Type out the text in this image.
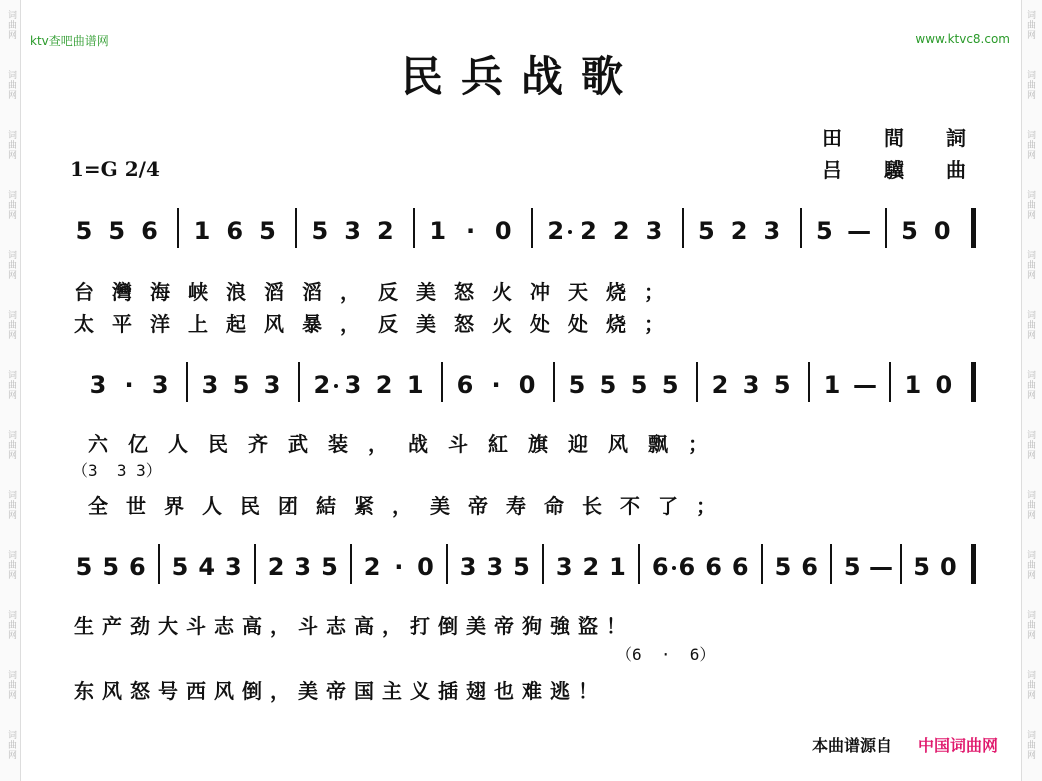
词曲网	词曲网
词曲网	词曲网
词曲网	词曲网
词曲网	词曲网
词曲网	词曲网
词曲网	词曲网
词曲网	词曲网
词曲网	词曲网
词曲网	词曲网
词曲网	词曲网
词曲网	词曲网
词曲网	词曲网
词曲网	词曲网
ktv查吧曲谱网	www.ktvc8.com
民兵战歌
田間詞
吕驥曲
1=G 2/4
5 5 6 1 6 5 5 3 2 1 · 0 2 2 2 3 5 2 3 5 — 5 0
3 · 3 3 5 3 2 3 2 1 6 · 0 5 5 5 5 2 3 5 1 — 1 0
5 5 6 5 4 3 2 3 5 2 · 0 3 3 5 3 2 1 6 6 6 6 5 6 5 — 5 0
台灣海峡浪滔滔，反美怒火冲天烧；
太平洋上起风暴，反美怒火处处烧；
六亿人民齐武装，战斗紅旗迎风飘；
（3  3 3）
全世界人民团結紧，美帝寿命长不了；
生产劲大斗志高，斗志高，打倒美帝狗強盜！
（6  ·  6）
东风怒号西风倒，美帝国主义插翅也难逃！
本曲谱源自 中国词曲网
